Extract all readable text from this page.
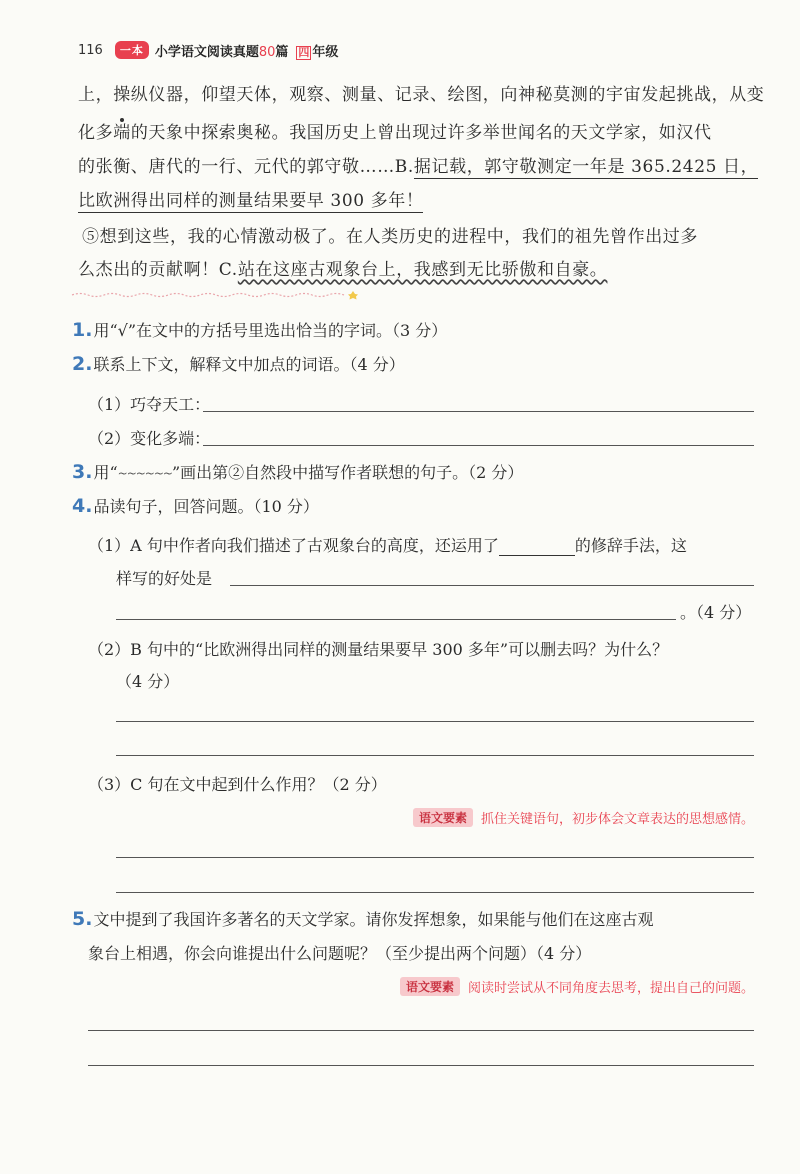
116	一本 小学语文阅读真题80篇 四 年级
上，操纵仪器，仰望天体，观察、测量、记录、绘图，向神秘莫测的宇宙发起挑战，从变
化多端的天象中探索奥秘。我国历史上曾出现过许多举世闻名的天文学家，如汉代
的张衡、唐代的一行、元代的郭守敬……B.据记载，郭守敬测定一年是 365.2425 日，
比欧洲得出同样的测量结果要早 300 多年！
⑤想到这些，我的心情激动极了。在人类历史的进程中，我们的祖先曾作出过多
么杰出的贡献啊！C.站在这座古观象台上，我感到无比骄傲和自豪。
1.用“√”在文中的方括号里选出恰当的字词。（3 分）
2.联系上下文，解释文中加点的词语。（4 分）
（1）巧夺天工：
（2）变化多端：
3.用“~~~~~~”画出第②自然段中描写作者联想的句子。（2 分）
4.品读句子，回答问题。（10 分）
（1）A 句中作者向我们描述了古观象台的高度，还运用了	的修辞手法，这
样写的好处是
。（4 分）
（2）B 句中的“比欧洲得出同样的测量结果要早 300 多年”可以删去吗？为什么？
（4 分）
（3）C 句在文中起到什么作用？（2 分）
语文要素	抓住关键语句，初步体会文章表达的思想感情。
5.文中提到了我国许多著名的天文学家。请你发挥想象，如果能与他们在这座古观
象台上相遇，你会向谁提出什么问题呢？（至少提出两个问题）（4 分）
语文要素	阅读时尝试从不同角度去思考，提出自己的问题。
